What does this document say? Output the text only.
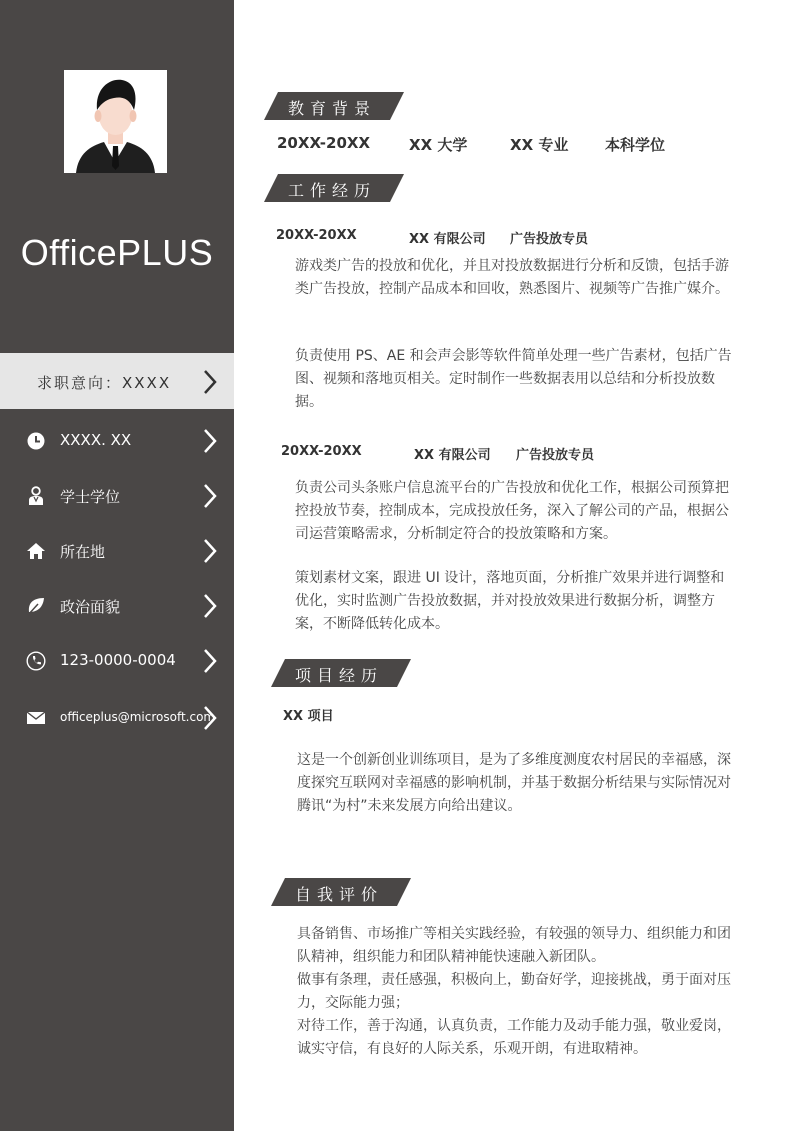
OfficePLUS
求职意向：XXXX
XXXX. XX
学士学位
所在地
政治面貌
123-0000-0004
officeplus@microsoft.com
教育背景
20XX-20XX	XX 大学	XX 专业 本科学位
工作经历
20XX-20XX	XX 有限公司 广告投放专员

游戏类广告的投放和优化，并且对投放数据进行分析和反馈，包括手游类广告投放，控制产品成本和回收，熟悉图片、视频等广告推广媒介。

负责使用 PS、AE 和会声会影等软件简单处理一些广告素材，包括广告图、视频和落地页相关。定时制作一些数据表用以总结和分析投放数据。

20XX-20XX	XX 有限公司 广告投放专员

负责公司头条账户信息流平台的广告投放和优化工作，根据公司预算把控投放节奏，控制成本，完成投放任务，深入了解公司的产品，根据公司运营策略需求，分析制定符合的投放策略和方案。

策划素材文案，跟进 UI 设计，落地页面，分析推广效果并进行调整和优化，实时监测广告投放数据，并对投放效果进行数据分析，调整方案，不断降低转化成本。

项目经历
XX 项目

这是一个创新创业训练项目，是为了多维度测度农村居民的幸福感，深度探究互联网对幸福感的影响机制，并基于数据分析结果与实际情况对腾讯“为村”未来发展方向给出建议。

自我评价

具备销售、市场推广等相关实践经验，有较强的领导力、组织能力和团队精神，组织能力和团队精神能快速融入新团队。

做事有条理，责任感强，积极向上，勤奋好学，迎接挑战，勇于面对压力，交际能力强；

对待工作，善于沟通，认真负责，工作能力及动手能力强，敬业爱岗，诚实守信，有良好的人际关系，乐观开朗，有进取精神。
